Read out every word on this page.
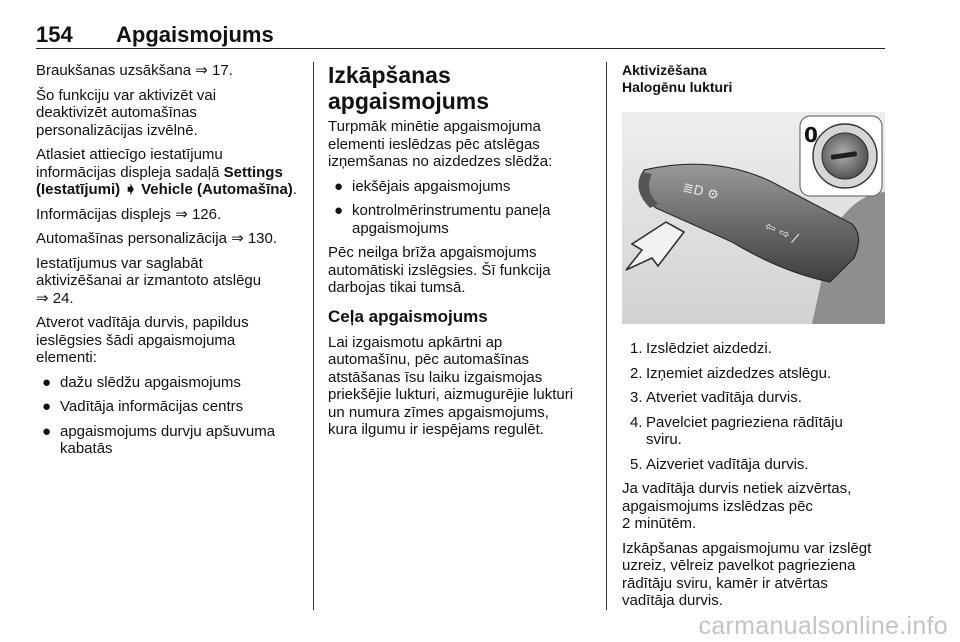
154 Apgaismojums

Braukšanas uzsākšana ⇒ 17.

Šo funkciju var aktivizēt vai
deaktivizēt automašīnas
personalizācijas izvēlnē.

Atlasiet attiecīgo iestatījumu
informācijas displeja sadaļā Settings
(Iestatījumi) ➧ Vehicle (Automašīna).

Informācijas displejs ⇒ 126.

Automašīnas personalizācija ⇒ 130.

Iestatījumus var saglabāt
aktivizēšanai ar izmantoto atslēgu
⇒ 24.

Atverot vadītāja durvis, papildus
ieslēgsies šādi apgaismojuma
elementi:

● dažu slēdžu apgaismojums
● Vadītāja informācijas centrs
● apgaismojums durvju apšuvuma
kabatās
Izkāpšanas apgaismojums

Turpmāk minētie apgaismojuma
elementi ieslēdzas pēc atslēgas
izņemšanas no aizdedzes slēdža:

● iekšējais apgaismojums
● kontrolmērinstrumentu paneļa
apgaismojums

Pēc neilga brīža apgaismojums
automātiski izslēgsies. Šī funkcija
darbojas tikai tumsā.

Ceļa apgaismojums

Lai izgaismotu apkārtni ap
automašīnu, pēc automašīnas
atstāšanas īsu laiku izgaismojas
priekšējie lukturi, aizmugurējie lukturi
un numura zīmes apgaismojums,
kura ilgumu ir iespējams regulēt.

Aktivizēšana
Halogēnu lukturi
≣D ⚙
⇦ ⇨ /
0
1. Izslēdziet aizdedzi.
2. Izņemiet aizdedzes atslēgu.
3. Atveriet vadītāja durvis.
4. Pavelciet pagrieziena rādītāju
sviru.
5. Aizveriet vadītāja durvis.

Ja vadītāja durvis netiek aizvērtas,
apgaismojums izslēdzas pēc
2 minūtēm.

Izkāpšanas apgaismojumu var izslēgt
uzreiz, vēlreiz pavelkot pagrieziena
rādītāju sviru, kamēr ir atvērtas
vadītāja durvis.

carmanualsonline.info
